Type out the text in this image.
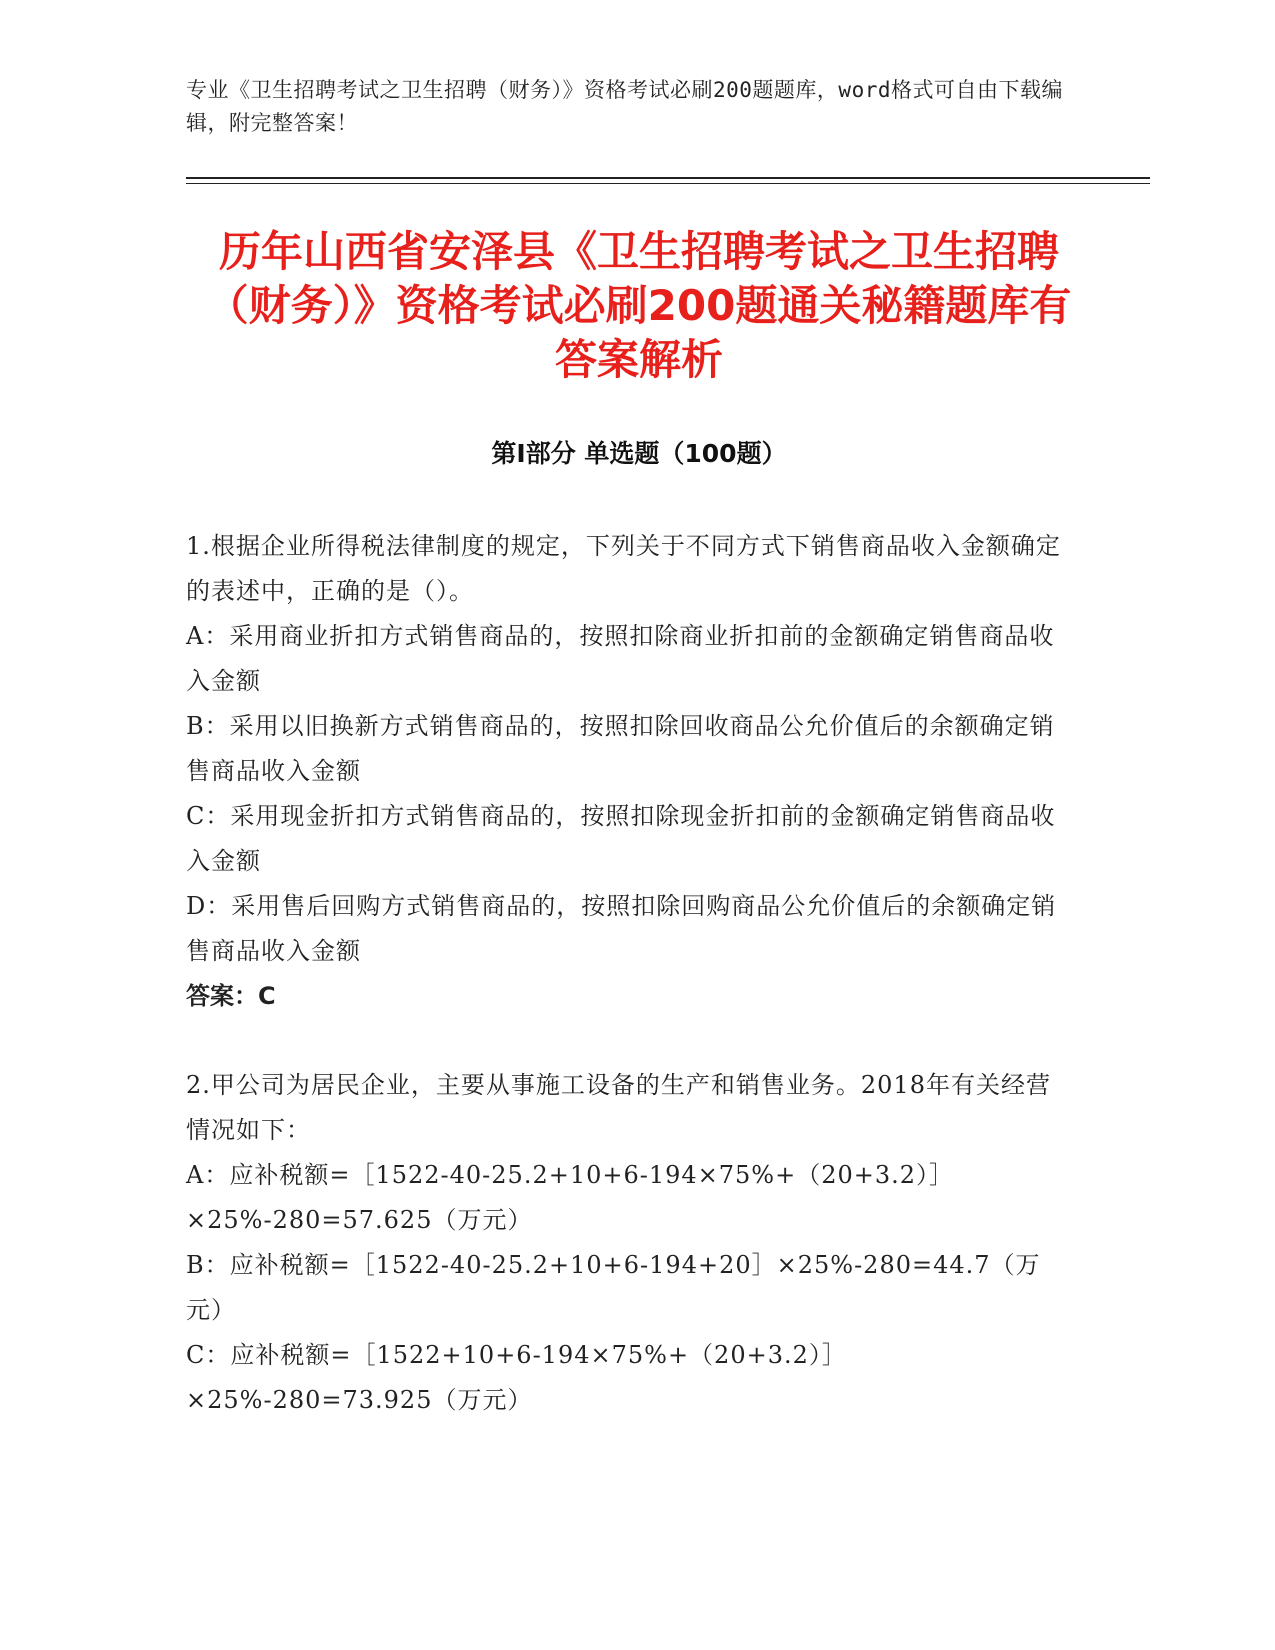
专业《卫生招聘考试之卫生招聘（财务）》资格考试必刷200题题库，word格式可自由下载编辑，附完整答案！
历年山西省安泽县《卫生招聘考试之卫生招聘（财务）》资格考试必刷200题通关秘籍题库有答案解析
第Ⅰ部分 单选题（100题）

1.根据企业所得税法律制度的规定，下列关于不同方式下销售商品收入金额确定的表述中，正确的是（）。

A：采用商业折扣方式销售商品的，按照扣除商业折扣前的金额确定销售商品收入金额

B：采用以旧换新方式销售商品的，按照扣除回收商品公允价值后的余额确定销售商品收入金额

C：采用现金折扣方式销售商品的，按照扣除现金折扣前的金额确定销售商品收入金额

D：采用售后回购方式销售商品的，按照扣除回购商品公允价值后的余额确定销售商品收入金额

答案：C

2.甲公司为居民企业，主要从事施工设备的生产和销售业务。2018年有关经营情况如下：

A：应补税额=［1522-40-25.2+10+6-194×75%+（20+3.2）］×25%-280=57.625（万元）

B：应补税额=［1522-40-25.2+10+6-194+20］×25%-280=44.7（万元）

C：应补税额=［1522+10+6-194×75%+（20+3.2）］×25%-280=73.925（万元）
